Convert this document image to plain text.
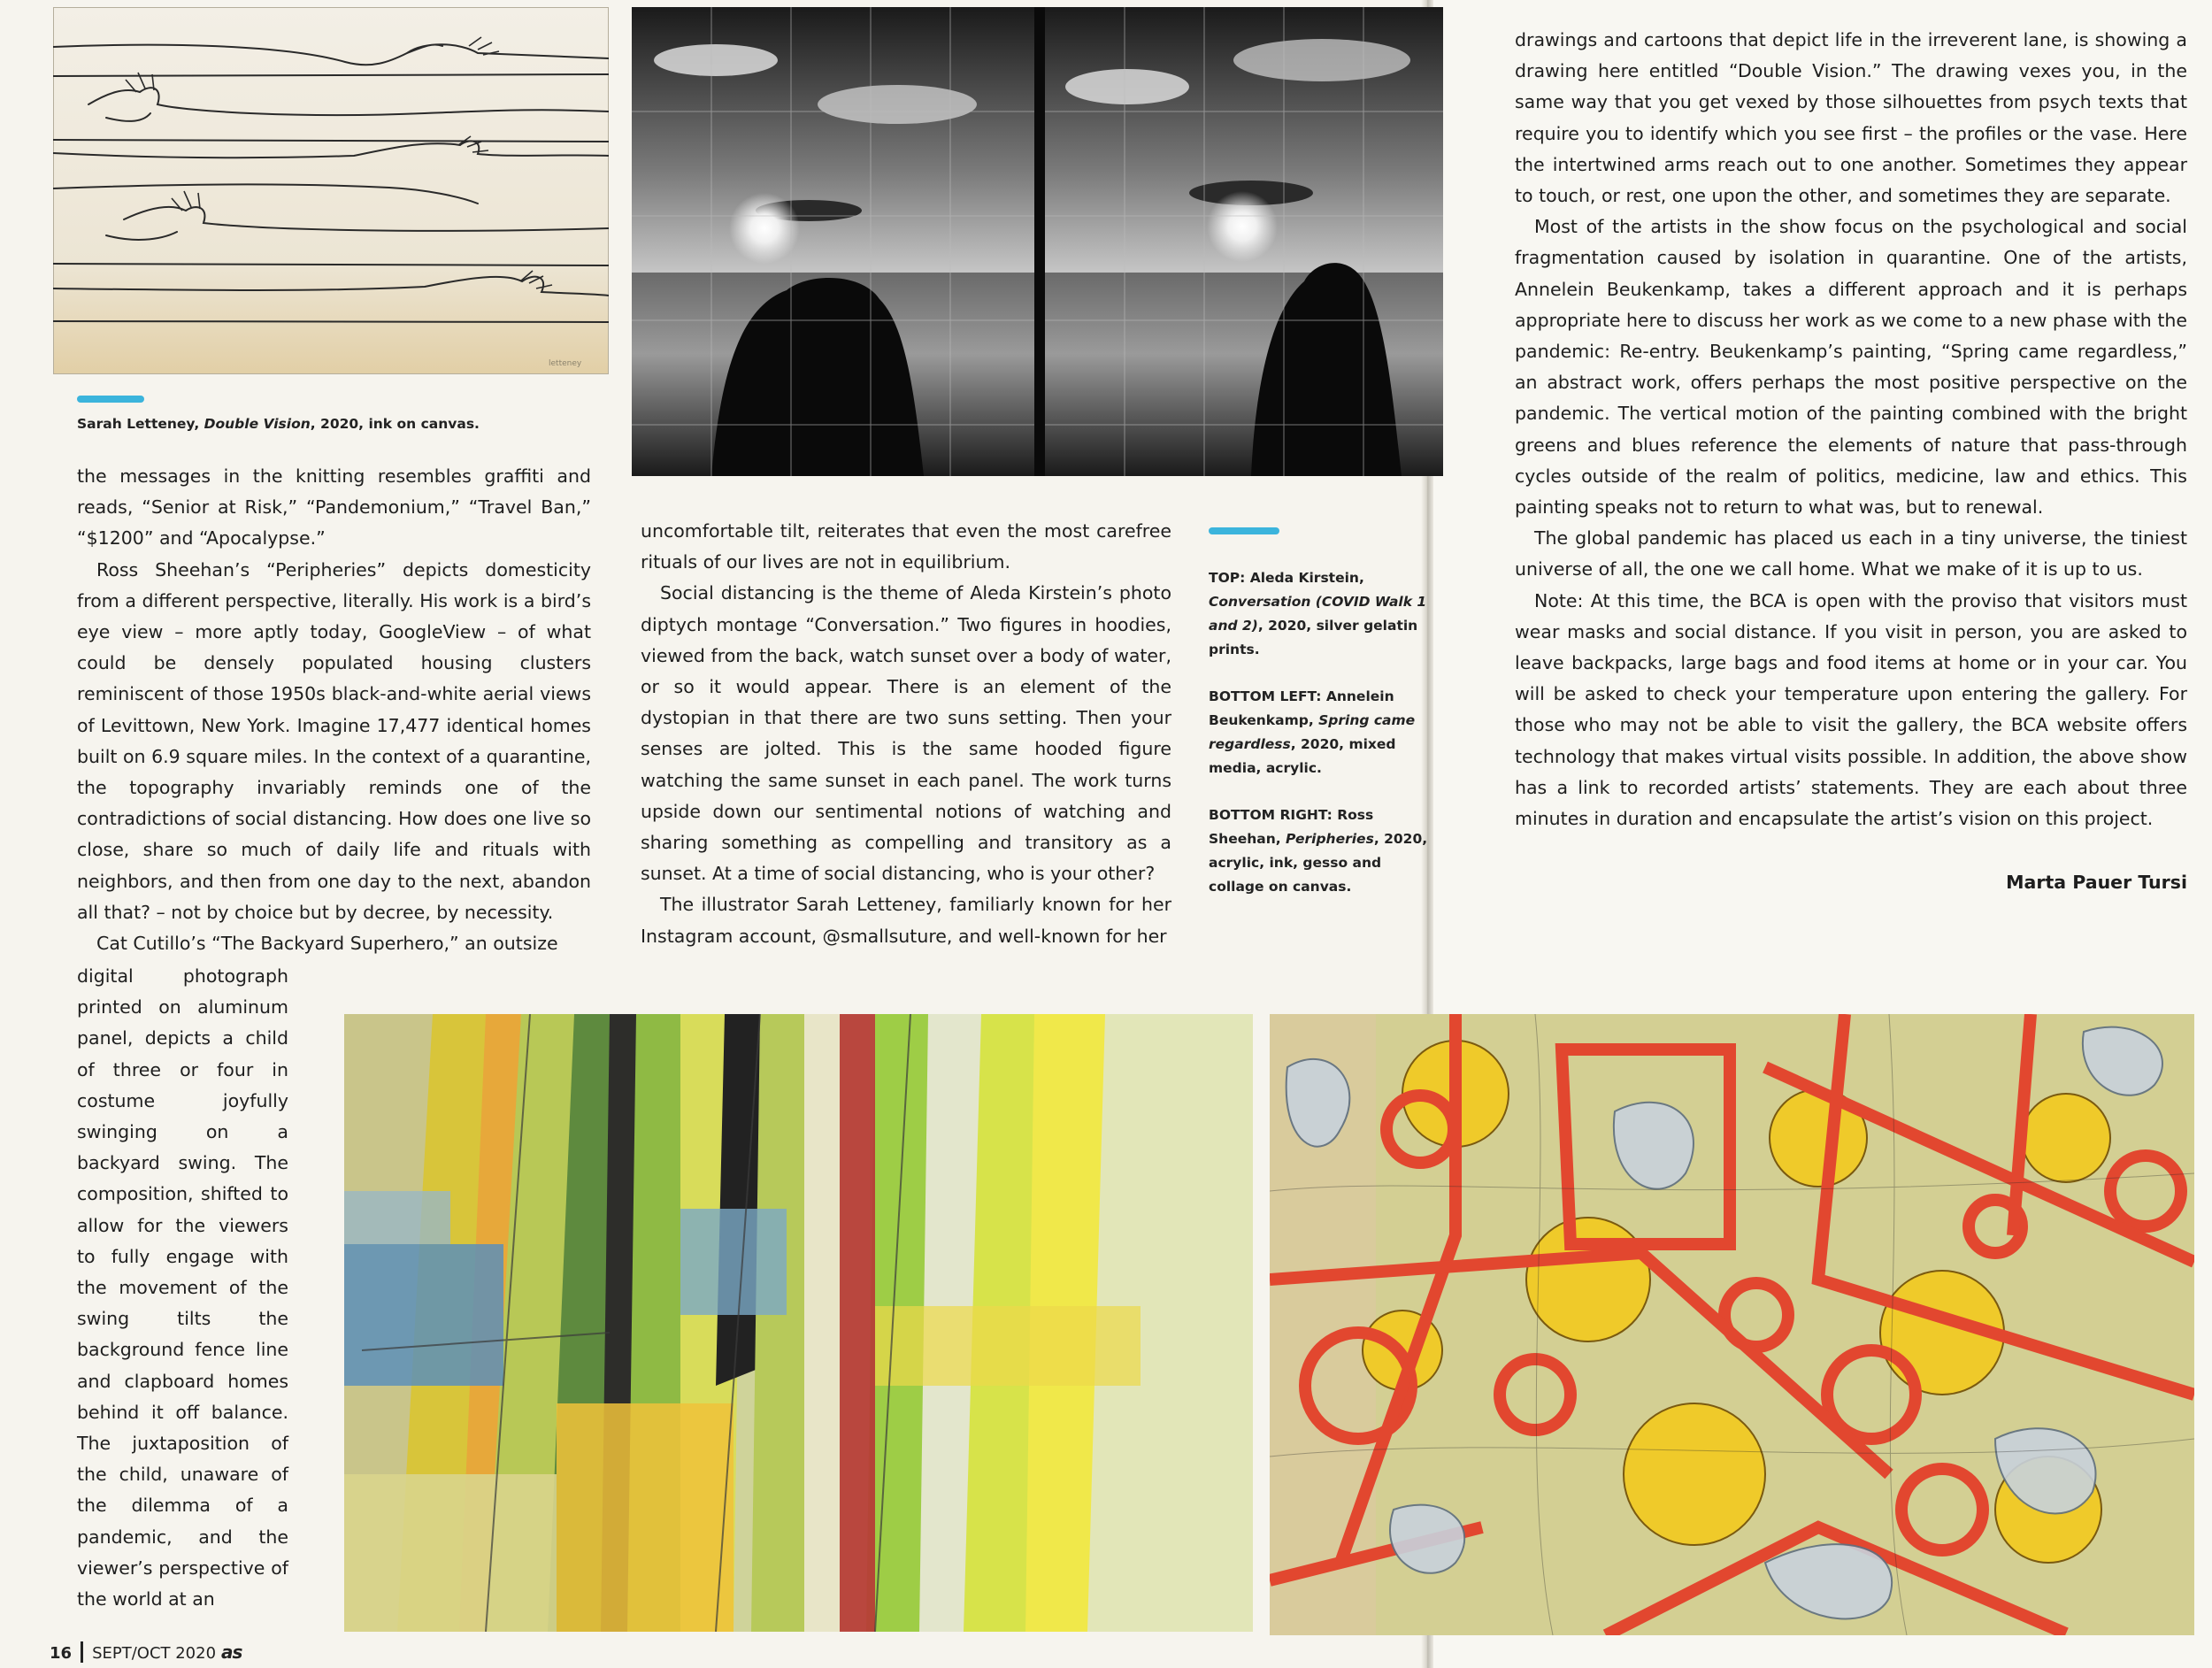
letteney
Sarah Letteney, Double Vision, 2020, ink on canvas.

the messages in the knitting resembles graffiti and reads, “Senior at Risk,” “Pandemonium,” “Travel Ban,” “$1200” and “Apocalypse.”

Ross Sheehan’s “Peripheries” depicts domesticity from a different perspective, literally. His work is a bird’s eye view – more aptly today, GoogleView – of what could be densely populated housing clusters reminiscent of those 1950s black-and-white aerial views of Levittown, New York. Imagine 17,477 identical homes built on 6.9 square miles. In the context of a quarantine, the topography invariably reminds one of the contradictions of social distancing. How does one live so close, share so much of daily life and rituals with neighbors, and then from one day to the next, abandon all that? – not by choice but by decree, by necessity.

Cat Cutillo’s “The Backyard Superhero,” an outsize

digital photograph printed on aluminum panel, depicts a child of three or four in costume joyfully swinging on a backyard swing. The composition, shifted to allow for the viewers to fully engage with the movement of the swing tilts the background fence line and clapboard homes behind it off balance. The juxtaposition of the child, unaware of the dilemma of a pandemic, and the viewer’s perspective of the world at an

uncomfortable tilt, reiterates that even the most carefree rituals of our lives are not in equilibrium.

Social distancing is the theme of Aleda Kirstein’s photo diptych montage “Conversation.” Two figures in hoodies, viewed from the back, watch sunset over a body of water, or so it would appear. There is an element of the dystopian in that there are two suns setting. Then your senses are jolted. This is the same hooded figure watching the same sunset in each panel. The work turns upside down our sentimental notions of watching and sharing something as compelling and transitory as a sunset. At a time of social distancing, who is your other?

The illustrator Sarah Letteney, familiarly known for her Instagram account, @smallsuture, and well-known for her

TOP: Aleda Kirstein, Conversation (COVID Walk 1 and 2), 2020, silver gelatin prints.

BOTTOM LEFT: Annelein Beukenkamp, Spring came regardless, 2020, mixed media, acrylic.

BOTTOM RIGHT: Ross Sheehan, Peripheries, 2020, acrylic, ink, gesso and collage on canvas.

drawings and cartoons that depict life in the irreverent lane, is showing a drawing here entitled “Double Vision.” The drawing vexes you, in the same way that you get vexed by those silhouettes from psych texts that require you to identify which you see first – the profiles or the vase. Here the intertwined arms reach out to one another. Sometimes they appear to touch, or rest, one upon the other, and sometimes they are separate.

Most of the artists in the show focus on the psychological and social fragmentation caused by isolation in quarantine. One of the artists, Annelein Beukenkamp, takes a different approach and it is perhaps appropriate here to discuss her work as we come to a new phase with the pandemic: Re-entry. Beukenkamp’s painting, “Spring came regardless,” an abstract work, offers perhaps the most positive perspective on the pandemic. The vertical motion of the painting combined with the bright greens and blues reference the elements of nature that pass-through cycles outside of the realm of politics, medicine, law and ethics. This painting speaks not to return to what was, but to renewal.

The global pandemic has placed us each in a tiny universe, the tiniest universe of all, the one we call home. What we make of it is up to us.

Note: At this time, the BCA is open with the proviso that visitors must wear masks and social distance. If you visit in person, you are asked to leave backpacks, large bags and food items at home or in your car. You will be asked to check your temperature upon entering the gallery. For those who may not be able to visit the gallery, the BCA website offers technology that makes virtual visits possible. In addition, the above show has a link to recorded artists’ statements. They are each about three minutes in duration and encapsulate the artist’s vision on this project.

Marta Pauer Tursi
16 SEPT/OCT 2020 as
